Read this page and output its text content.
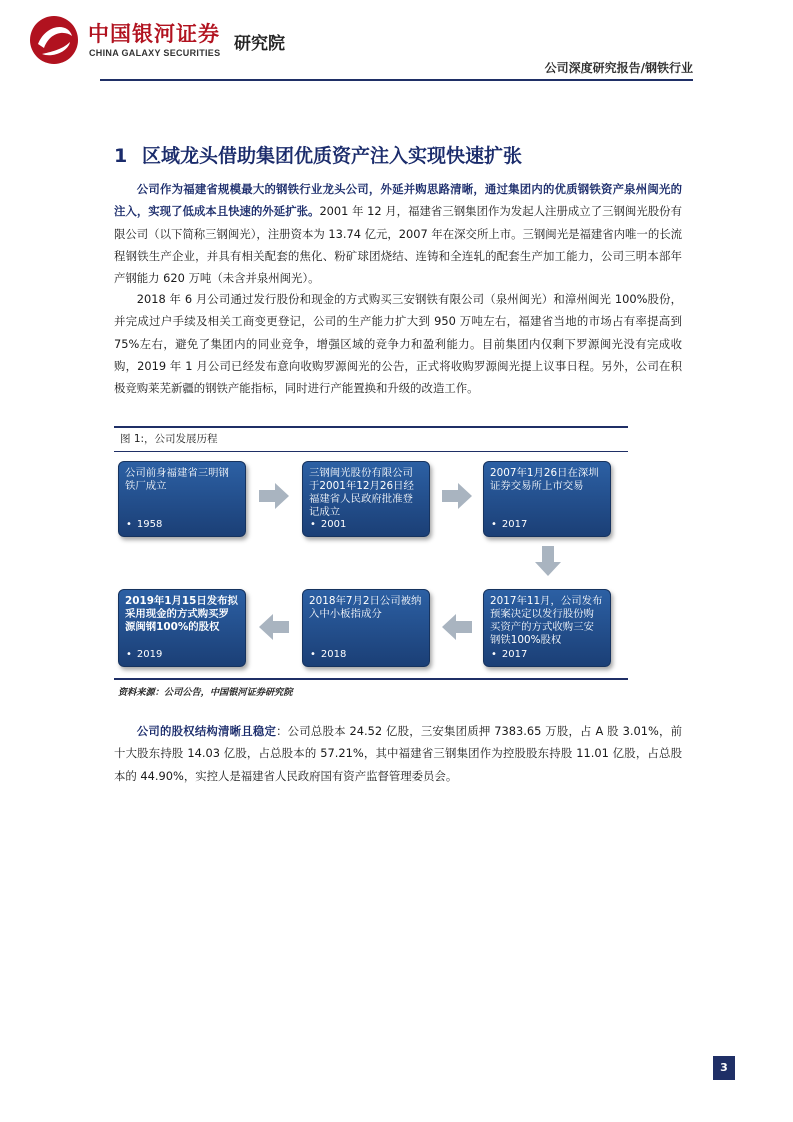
中国银河证券 研究院
CHINA GALAXY SECURITIES
公司深度研究报告/钢铁行业
1 区域龙头借助集团优质资产注入实现快速扩张
公司作为福建省规模最大的钢铁行业龙头公司，外延并购思路清晰，通过集团内的优质钢铁资产泉州闽光的注入，实现了低成本且快速的外延扩张。2001 年 12 月，福建省三钢集团作为发起人注册成立了三钢闽光股份有限公司（以下简称三钢闽光），注册资本为 13.74 亿元，2007 年在深交所上市。三钢闽光是福建省内唯一的长流程钢铁生产企业，并具有相关配套的焦化、粉矿球团烧结、连铸和全连轧的配套生产加工能力，公司三明本部年产钢能力 620 万吨（未含并泉州闽光）。
2018 年 6 月公司通过发行股份和现金的方式购买三安钢铁有限公司（泉州闽光）和漳州闽光 100%股份，并完成过户手续及相关工商变更登记，公司的生产能力扩大到 950 万吨左右，福建省当地的市场占有率提高到 75%左右，避免了集团内的同业竞争，增强区域的竞争力和盈利能力。目前集团内仅剩下罗源闽光没有完成收购，2019 年 1 月公司已经发布意向收购罗源闽光的公告，正式将收购罗源闽光提上议事日程。另外，公司在积极竞购莱芜新疆的钢铁产能指标，同时进行产能置换和升级的改造工作。
图 1:，公司发展历程
公司前身福建省三明钢铁厂成立
• 1958
三钢闽光股份有限公司于2001年12月26日经福建省人民政府批准登记成立
• 2001
2007年1月26日在深圳证券交易所上市交易
• 2017
2017年11月，公司发布预案决定以发行股份购买资产的方式收购三安钢铁100%股权
• 2017
2018年7月2日公司被纳入中小板指成分
• 2018
2019年1月15日发布拟采用现金的方式购买罗源闽钢100%的股权
• 2019
资料来源：公司公告，中国银河证券研究院
公司的股权结构清晰且稳定：公司总股本 24.52 亿股，三安集团质押 7383.65 万股，占 A 股 3.01%，前十大股东持股 14.03 亿股，占总股本的 57.21%，其中福建省三钢集团作为控股股东持股 11.01 亿股，占总股本的 44.90%，实控人是福建省人民政府国有资产监督管理委员会。
3
